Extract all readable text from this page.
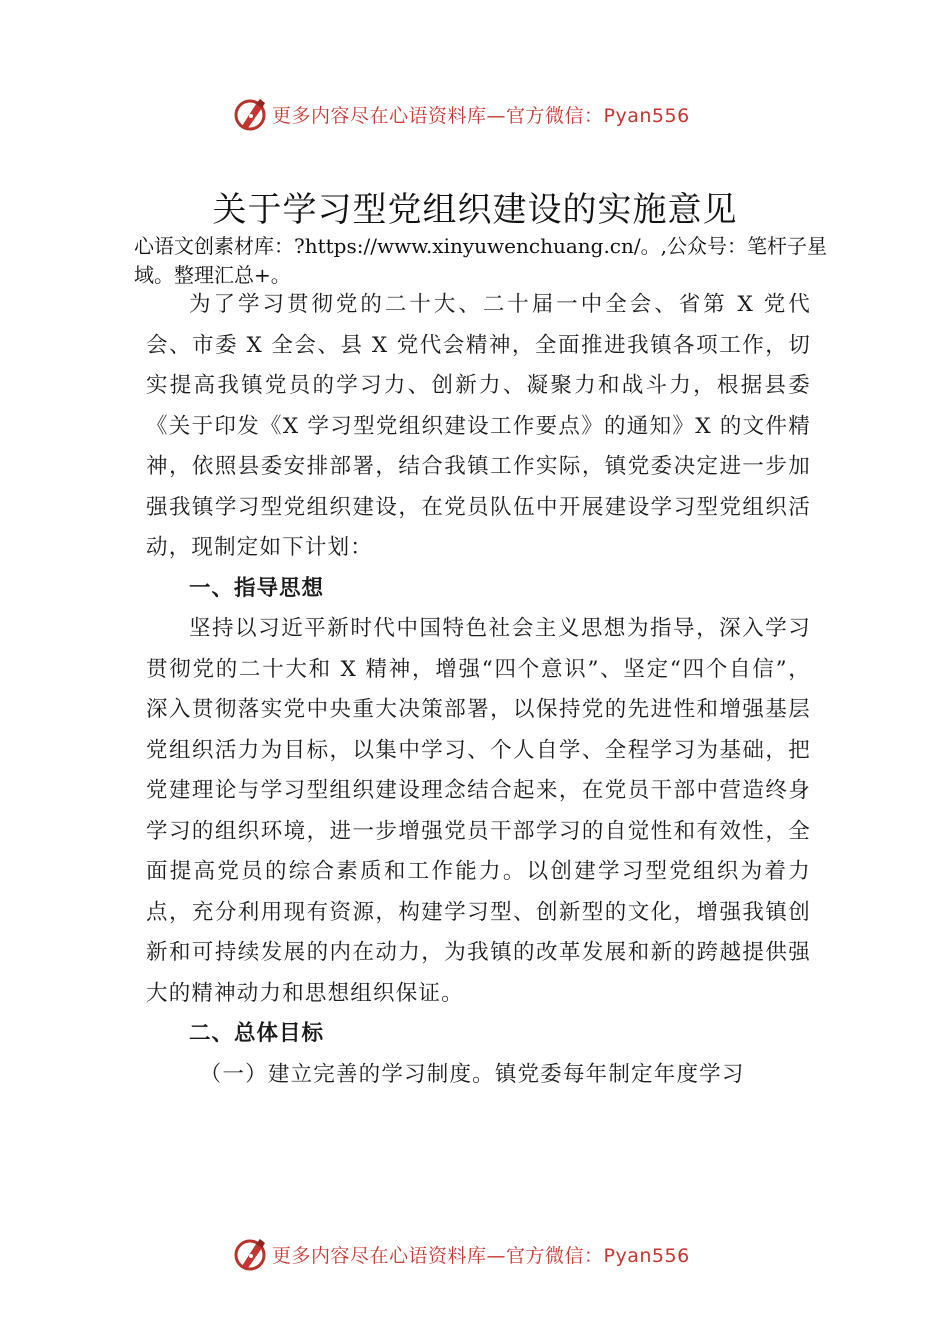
更多内容尽在心语资料库—官方微信：Pyan556
关于学习型党组织建设的实施意见
心语文创素材库：?https://www.xinyuwenchuang.cn/。,公众号：笔杆子星域。整理汇总+。

为了学习贯彻党的二十大、二十届一中全会、省第 X 党代会、市委 X 全会、县 X 党代会精神，全面推进我镇各项工作，切实提高我镇党员的学习力、创新力、凝聚力和战斗力，根据县委《关于印发《X 学习型党组织建设工作要点》的通知》X 的文件精神，依照县委安排部署，结合我镇工作实际，镇党委决定进一步加强我镇学习型党组织建设，在党员队伍中开展建设学习型党组织活动，现制定如下计划：

一、指导思想

坚持以习近平新时代中国特色社会主义思想为指导，深入学习贯彻党的二十大和 X 精神，增强“四个意识”、坚定“四个自信”，深入贯彻落实党中央重大决策部署，以保持党的先进性和增强基层党组织活力为目标，以集中学习、个人自学、全程学习为基础，把党建理论与学习型组织建设理念结合起来，在党员干部中营造终身学习的组织环境，进一步增强党员干部学习的自觉性和有效性，全面提高党员的综合素质和工作能力。以创建学习型党组织为着力点，充分利用现有资源，构建学习型、创新型的文化，增强我镇创新和可持续发展的内在动力，为我镇的改革发展和新的跨越提供强大的精神动力和思想组织保证。

二、总体目标

（一）建立完善的学习制度。镇党委每年制定年度学习

更多内容尽在心语资料库—官方微信：Pyan556
